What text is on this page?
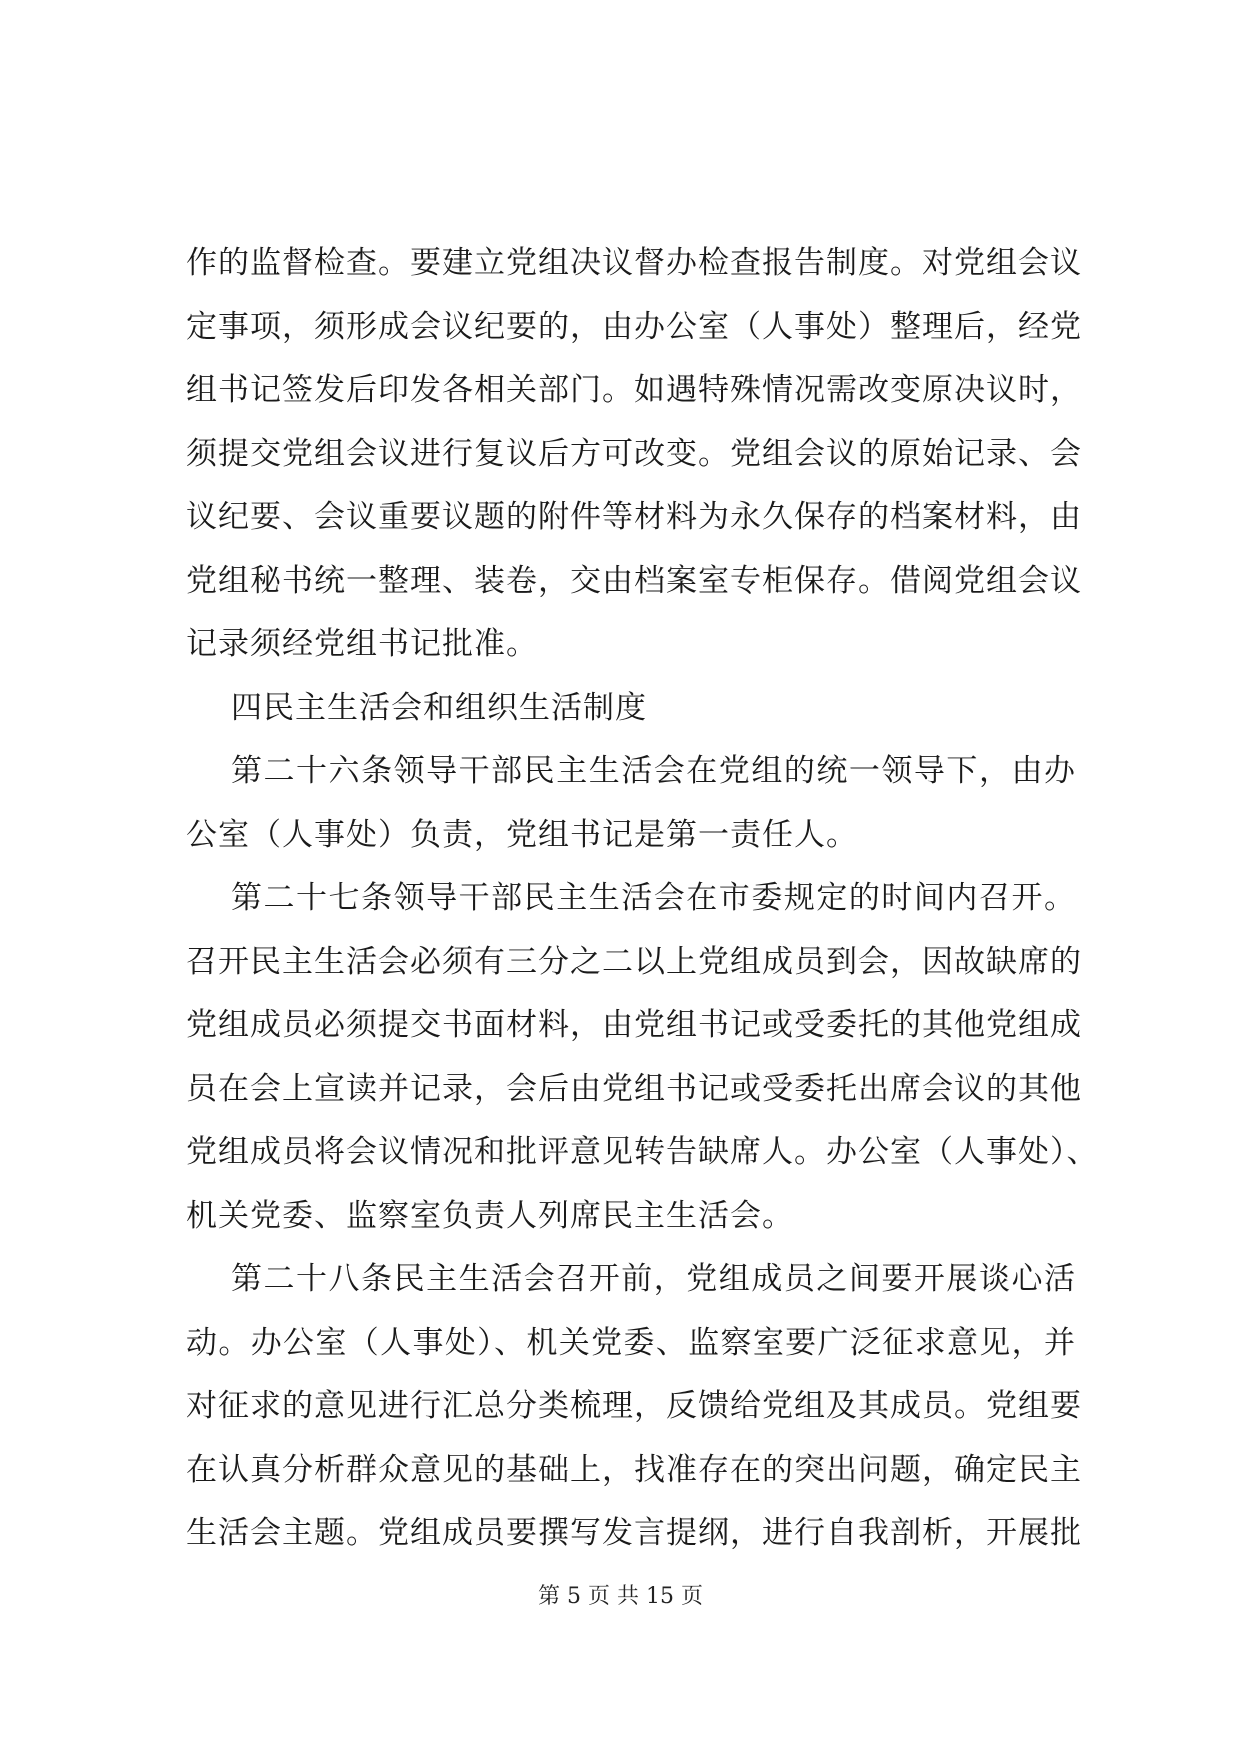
作的监督检查。要建立党组决议督办检查报告制度。对党组会议
定事项，须形成会议纪要的，由办公室（人事处）整理后，经党
组书记签发后印发各相关部门。如遇特殊情况需改变原决议时，
须提交党组会议进行复议后方可改变。党组会议的原始记录、会
议纪要、会议重要议题的附件等材料为永久保存的档案材料，由
党组秘书统一整理、装卷，交由档案室专柜保存。借阅党组会议
记录须经党组书记批准。
四民主生活会和组织生活制度
第二十六条领导干部民主生活会在党组的统一领导下，由办
公室（人事处）负责，党组书记是第一责任人。
第二十七条领导干部民主生活会在市委规定的时间内召开。
召开民主生活会必须有三分之二以上党组成员到会，因故缺席的
党组成员必须提交书面材料，由党组书记或受委托的其他党组成
员在会上宣读并记录，会后由党组书记或受委托出席会议的其他
党组成员将会议情况和批评意见转告缺席人。办公室（人事处）、
机关党委、监察室负责人列席民主生活会。
第二十八条民主生活会召开前，党组成员之间要开展谈心活
动。办公室（人事处）、机关党委、监察室要广泛征求意见，并
对征求的意见进行汇总分类梳理，反馈给党组及其成员。党组要
在认真分析群众意见的基础上，找准存在的突出问题，确定民主
生活会主题。党组成员要撰写发言提纲，进行自我剖析，开展批
第 5 页 共 15 页
